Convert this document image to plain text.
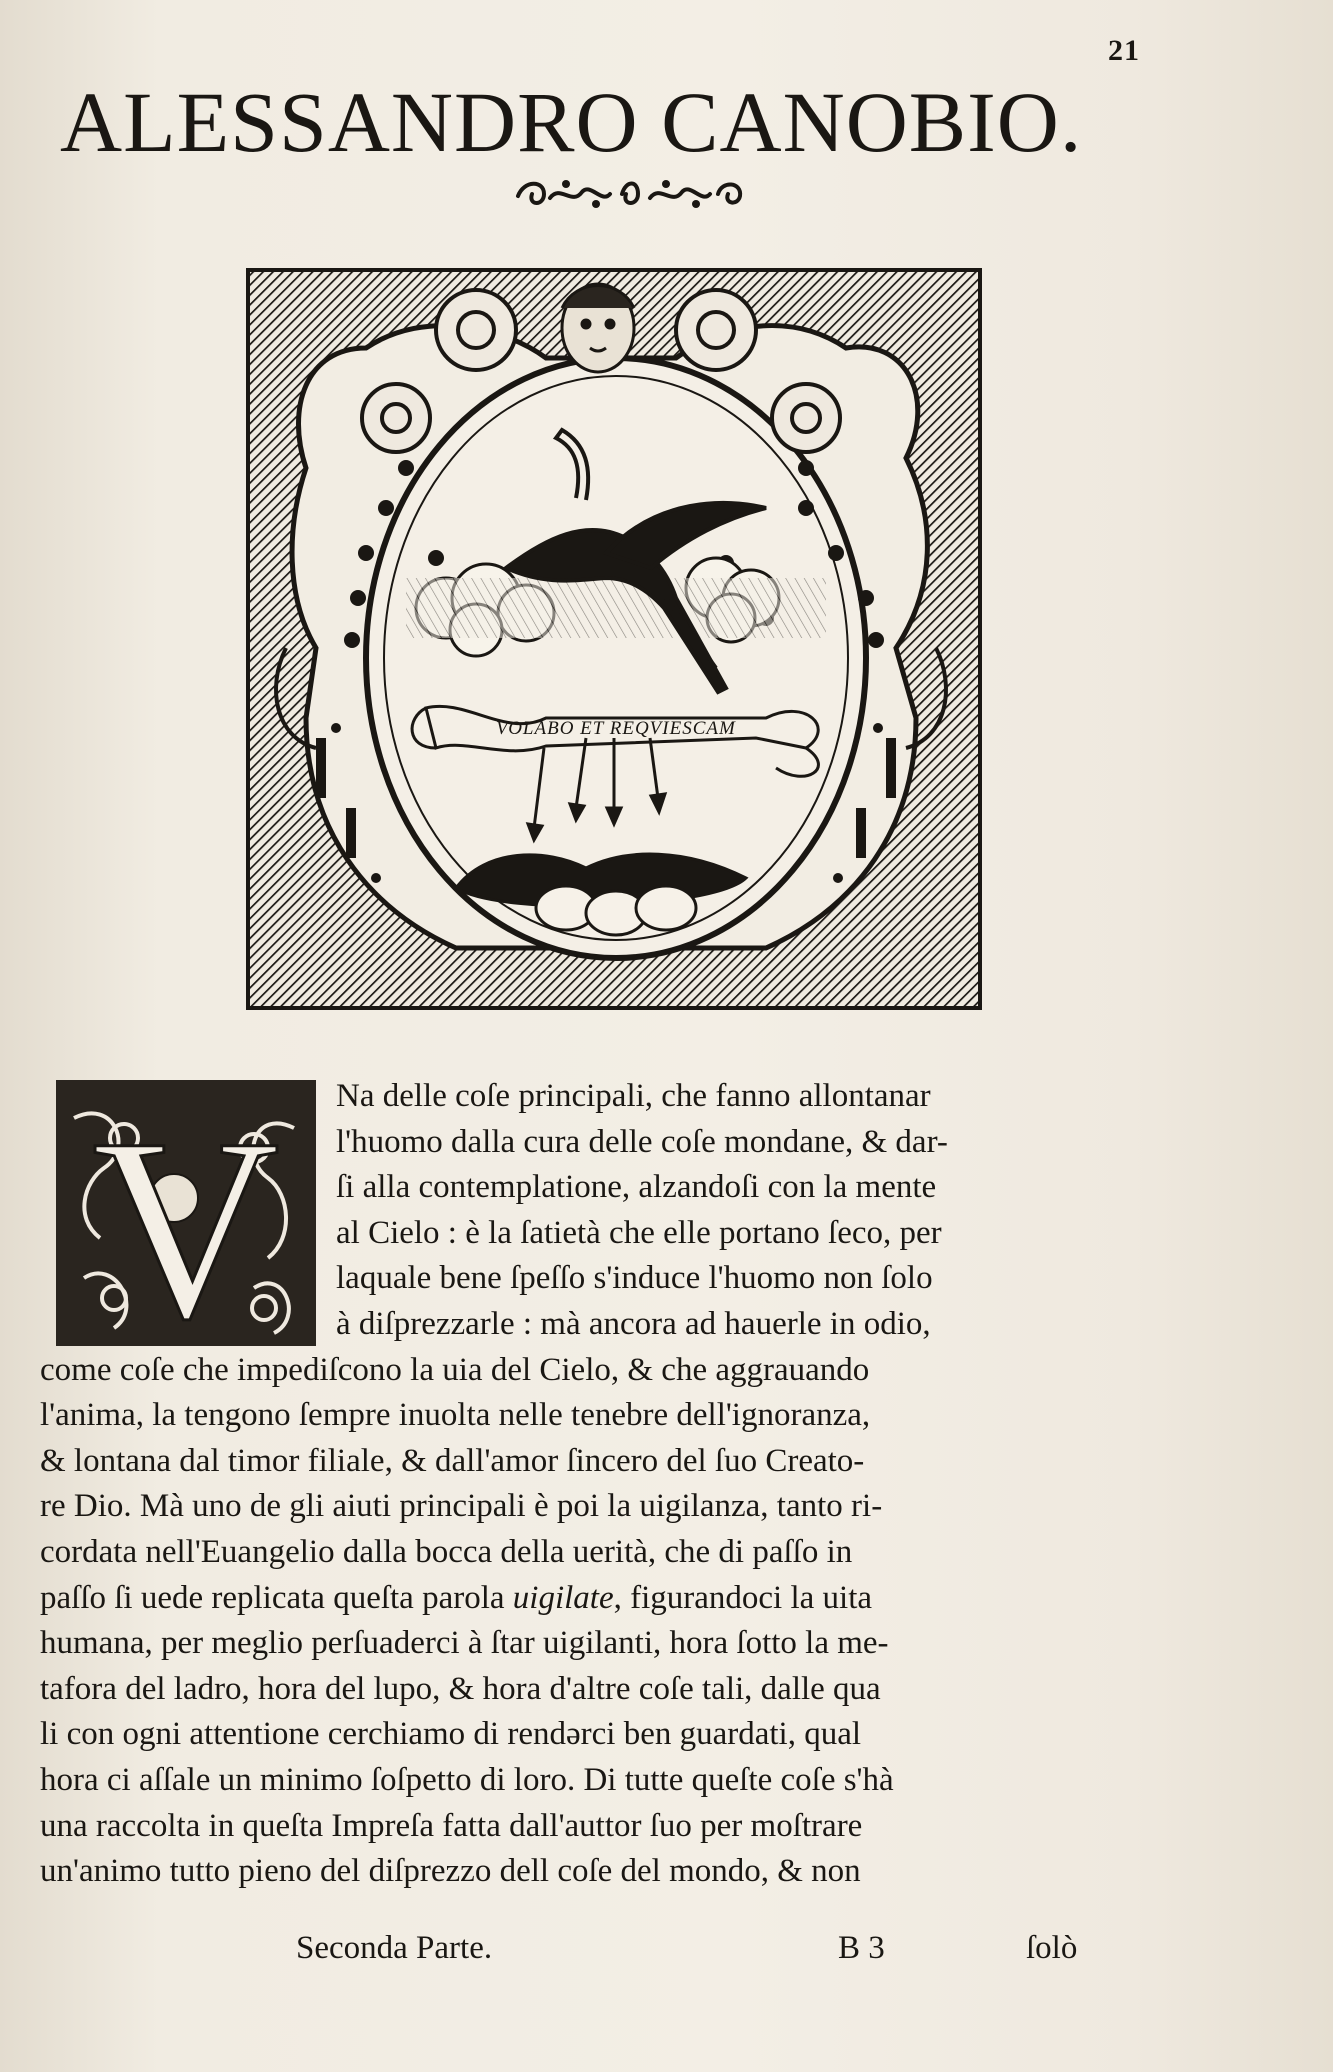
21
ALESSANDRO CANOBIO.
VOLABO ET REQVIESCAM
V Na delle coſe principali, che fanno allontanar
l'huomo dalla cura delle coſe mondane, & dar-
ſi alla contemplatione, alzandoſi con la mente
al Cielo : è la ſatietà che elle portano ſeco, per
laquale bene ſpeſſo s'induce l'huomo non ſolo
à diſprezzarle : mà ancora ad hauerle in odio,
come coſe che impediſcono la uia del Cielo, & che aggrauando
l'anima, la tengono ſempre inuolta nelle tenebre dell'ignoranza,
& lontana dal timor filiale, & dall'amor ſincero del ſuo Creato-
re Dio. Mà uno de gli aiuti principali è poi la uigilanza, tanto ri-
cordata nell'Euangelio dalla bocca della uerità, che di paſſo in
paſſo ſi uede replicata queſta parola uigilate, figurandoci la uita
humana, per meglio perſuaderci à ſtar uigilanti, hora ſotto la me-
tafora del ladro, hora del lupo, & hora d'altre coſe tali, dalle qua
li con ogni attentione cerchiamo di rendərci ben guardati, qual
hora ci aſſale un minimo ſoſpetto di loro. Di tutte queſte coſe s'hà
una raccolta in queſta Impreſa fatta dall'auttor ſuo per moſtrare
un'animo tutto pieno del diſprezzo dell coſe del mondo, & non
Seconda Parte.	B 3	ſolò
